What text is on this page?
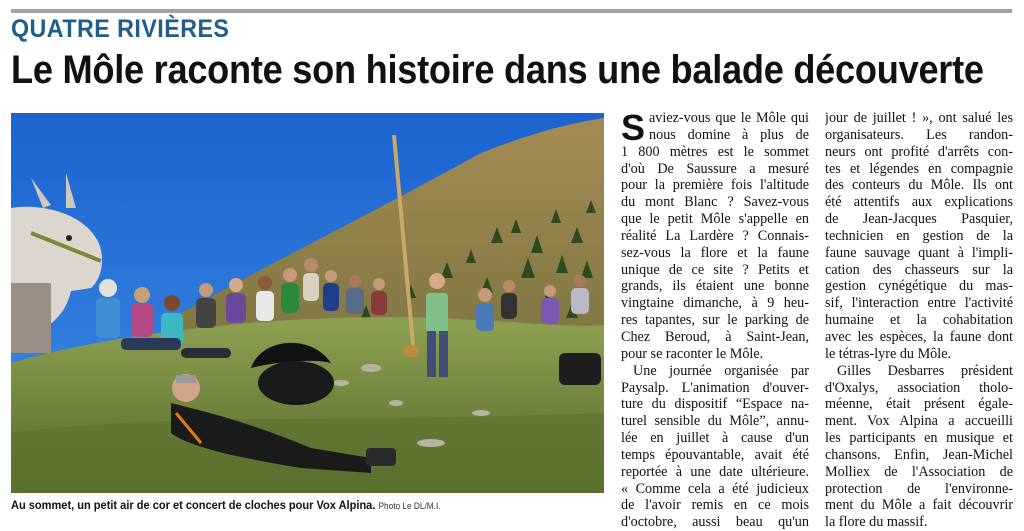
QUATRE RIVIÈRES
Le Môle raconte son histoire dans une balade découverte
Au sommet, un petit air de cor et concert de cloches pour Vox Alpina. Photo Le DL/M.I.
S aviez-vous que le Môle qui
nous domine à plus de
1 800 mètres est le sommet
d'où De Saussure a mesuré
pour la première fois l'altitude
du mont Blanc ? Savez-vous
que le petit Môle s'appelle en
réalité La Lardère ? Connais-
sez-vous la flore et la faune
unique de ce site ? Petits et
grands, ils étaient une bonne
vingtaine dimanche, à 9 heu-
res tapantes, sur le parking de
Chez Beroud, à Saint-Jean,
pour se raconter le Môle.
Une journée organisée par
Paysalp. L'animation d'ouver-
ture du dispositif “Espace na-
turel sensible du Môle”, annu-
lée en juillet à cause d'un
temps épouvantable, avait été
reportée à une date ultérieure.
« Comme cela a été judicieux
de l'avoir remis en ce mois
d'octobre, aussi beau qu'un
jour de juillet ! », ont salué les
organisateurs. Les randon-
neurs ont profité d'arrêts con-
tes et légendes en compagnie
des conteurs du Môle. Ils ont
été attentifs aux explications
de Jean-Jacques Pasquier,
technicien en gestion de la
faune sauvage quant à l'impli-
cation des chasseurs sur la
gestion cynégétique du mas-
sif, l'interaction entre l'activité
humaine et la cohabitation
avec les espèces, la faune dont
le tétras-lyre du Môle.
Gilles Desbarres président
d'Oxalys, association tholo-
méenne, était présent égale-
ment. Vox Alpina a accueilli
les participants en musique et
chansons. Enfin, Jean-Michel
Molliex de l'Association de
protection de l'environne-
ment du Môle a fait découvrir
la flore du massif.
